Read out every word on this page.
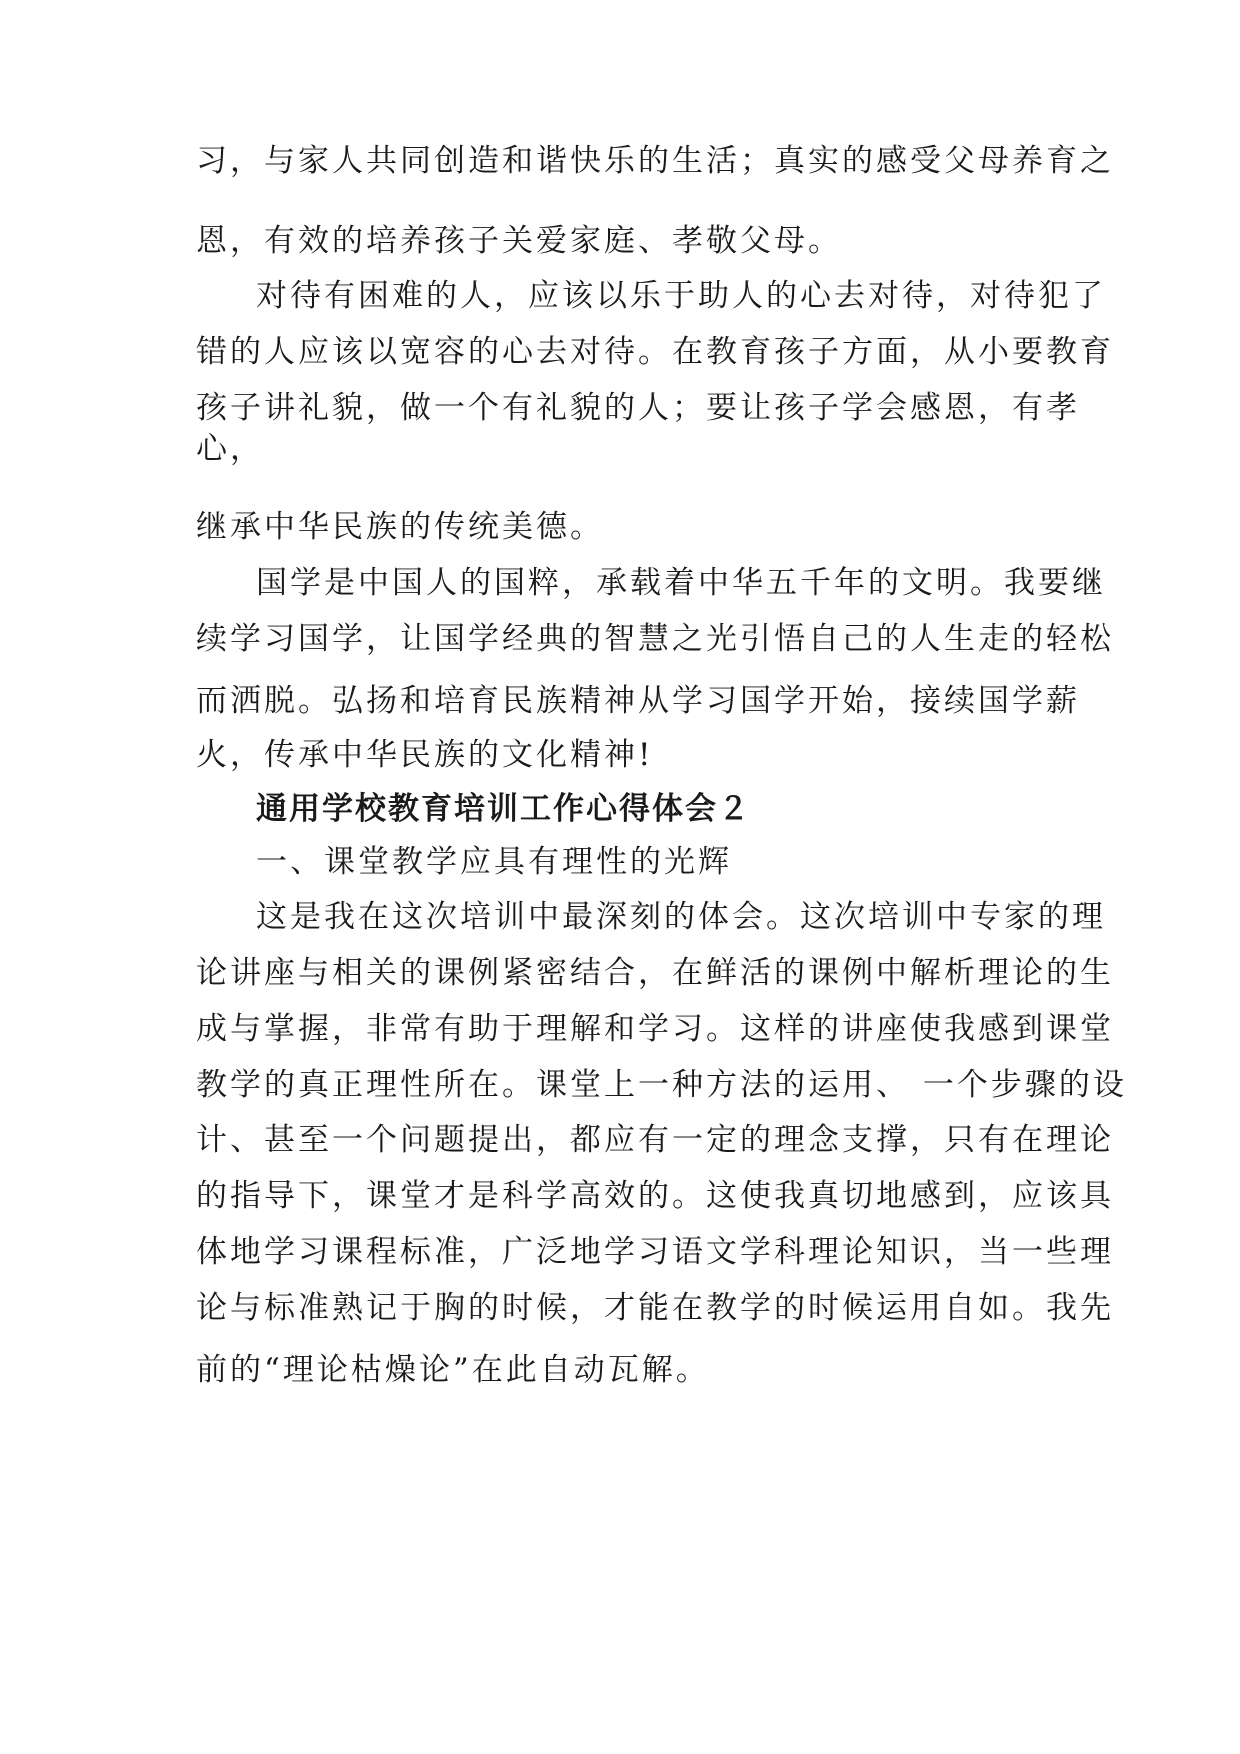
习，与家人共同创造和谐快乐的生活；真实的感受父母养育之
恩，有效的培养孩子关爱家庭、孝敬父母。
对待有困难的人，应该以乐于助人的心去对待，对待犯了
错的人应该以宽容的心去对待。在教育孩子方面，从小要教育
孩子讲礼貌，做一个有礼貌的人；要让孩子学会感恩，有孝
心，
继承中华民族的传统美德。
国学是中国人的国粹，承载着中华五千年的文明。我要继
续学习国学，让国学经典的智慧之光引悟自己的人生走的轻松
而洒脱。弘扬和培育民族精神从学习国学开始，接续国学薪
火，传承中华民族的文化精神!
通用学校教育培训工作心得体会２
一、课堂教学应具有理性的光辉
这是我在这次培训中最深刻的体会。这次培训中专家的理
论讲座与相关的课例紧密结合，在鲜活的课例中解析理论的生
成与掌握，非常有助于理解和学习。这样的讲座使我感到课堂
教学的真正理性所在。课堂上一种方法的运用、 一个步骤的设
计、甚至一个问题提出，都应有一定的理念支撑，只有在理论
的指导下，课堂才是科学高效的。这使我真切地感到，应该具
体地学习课程标准，广泛地学习语文学科理论知识，当一些理
论与标准熟记于胸的时候，才能在教学的时候运用自如。我先
前的“理论枯燥论”在此自动瓦解。
